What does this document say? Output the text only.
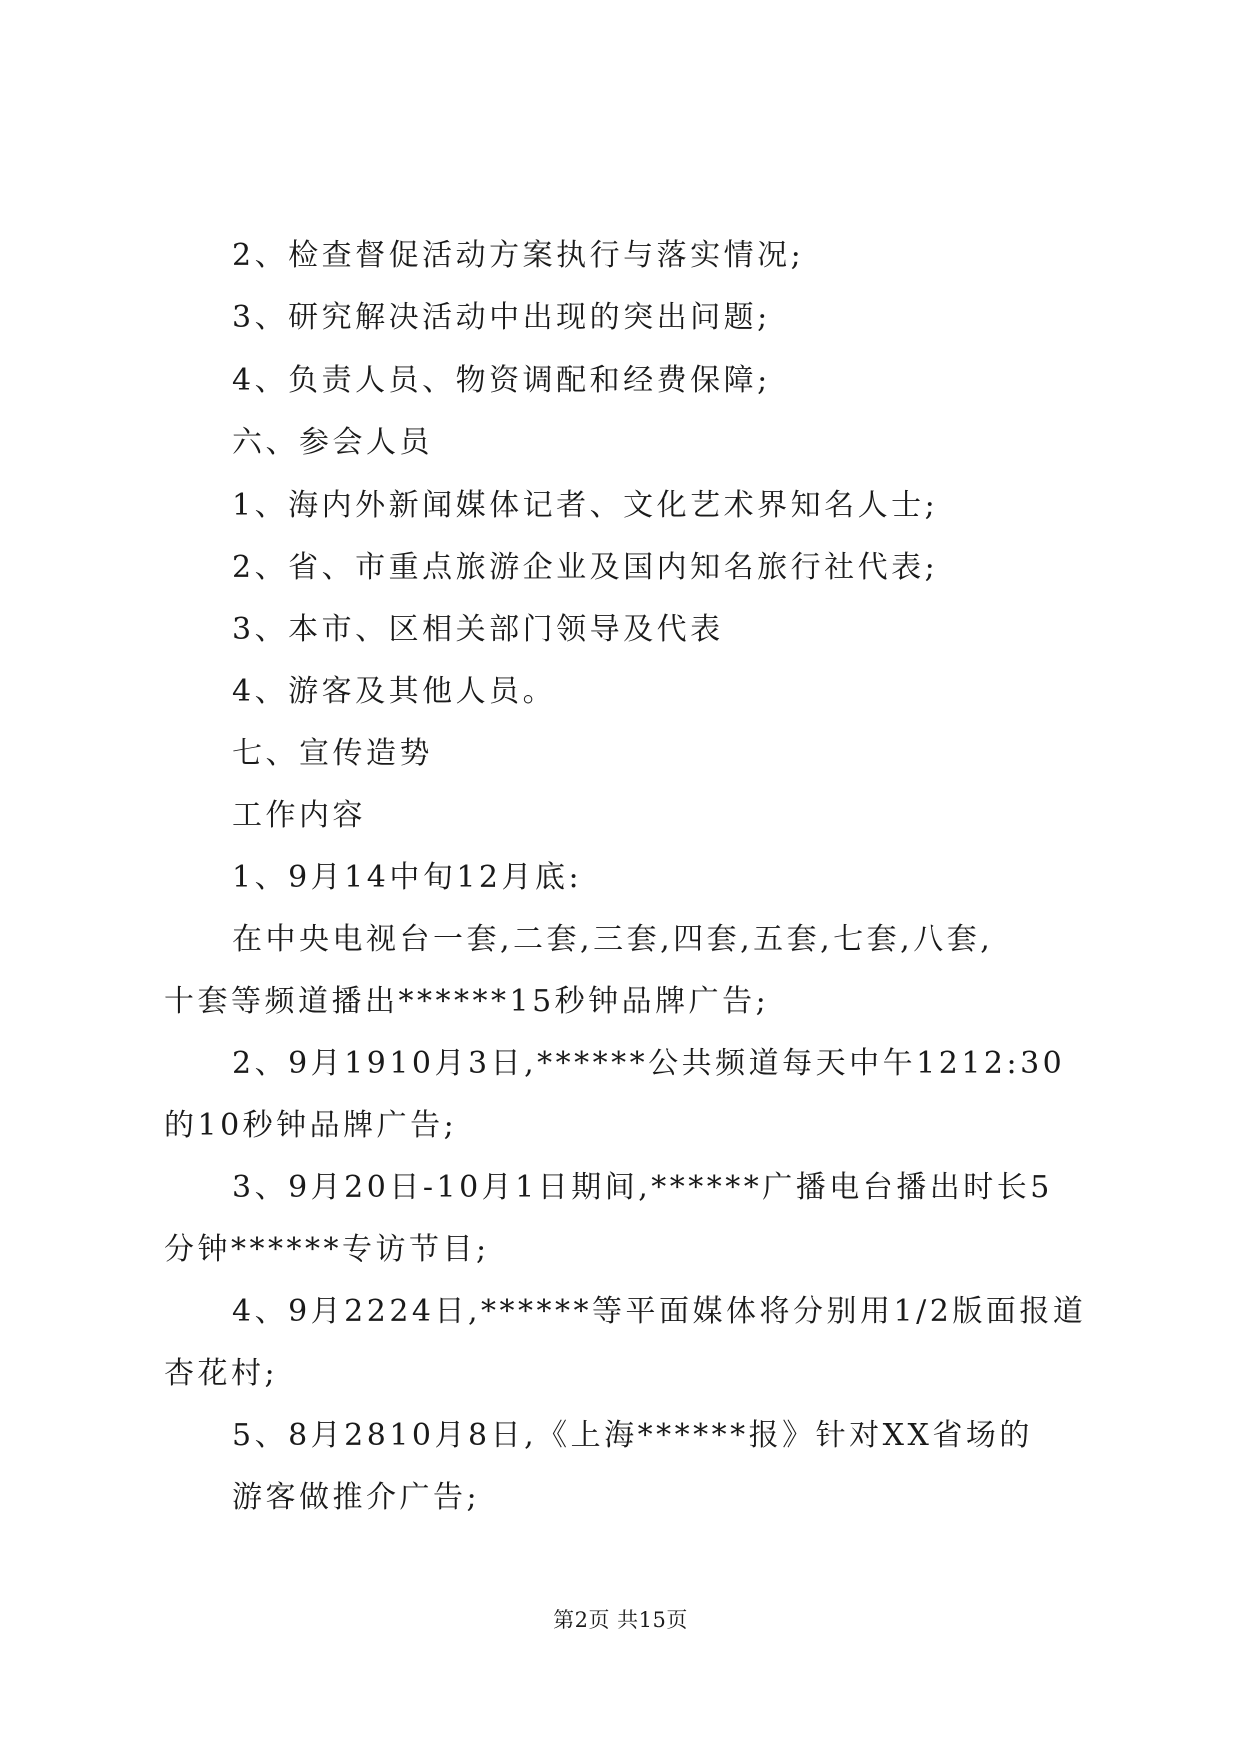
2、检查督促活动方案执行与落实情况;
3、研究解决活动中出现的突出问题;
4、负责人员、物资调配和经费保障;
六、参会人员
1、海内外新闻媒体记者、文化艺术界知名人士;
2、省、市重点旅游企业及国内知名旅行社代表;
3、本市、区相关部门领导及代表
4、游客及其他人员。
七、宣传造势
工作内容
1、9月14中旬12月底:
在中央电视台一套,二套,三套,四套,五套,七套,八套,
十套等频道播出******15秒钟品牌广告;
2、9月1910月3日,******公共频道每天中午1212:30
的10秒钟品牌广告;
3、9月20日-10月1日期间,******广播电台播出时长5
分钟******专访节目;
4、9月2224日,******等平面媒体将分别用1/2版面报道
杏花村;
5、8月2810月8日,《上海******报》针对XX省场的
游客做推介广告;
第2页 共15页
